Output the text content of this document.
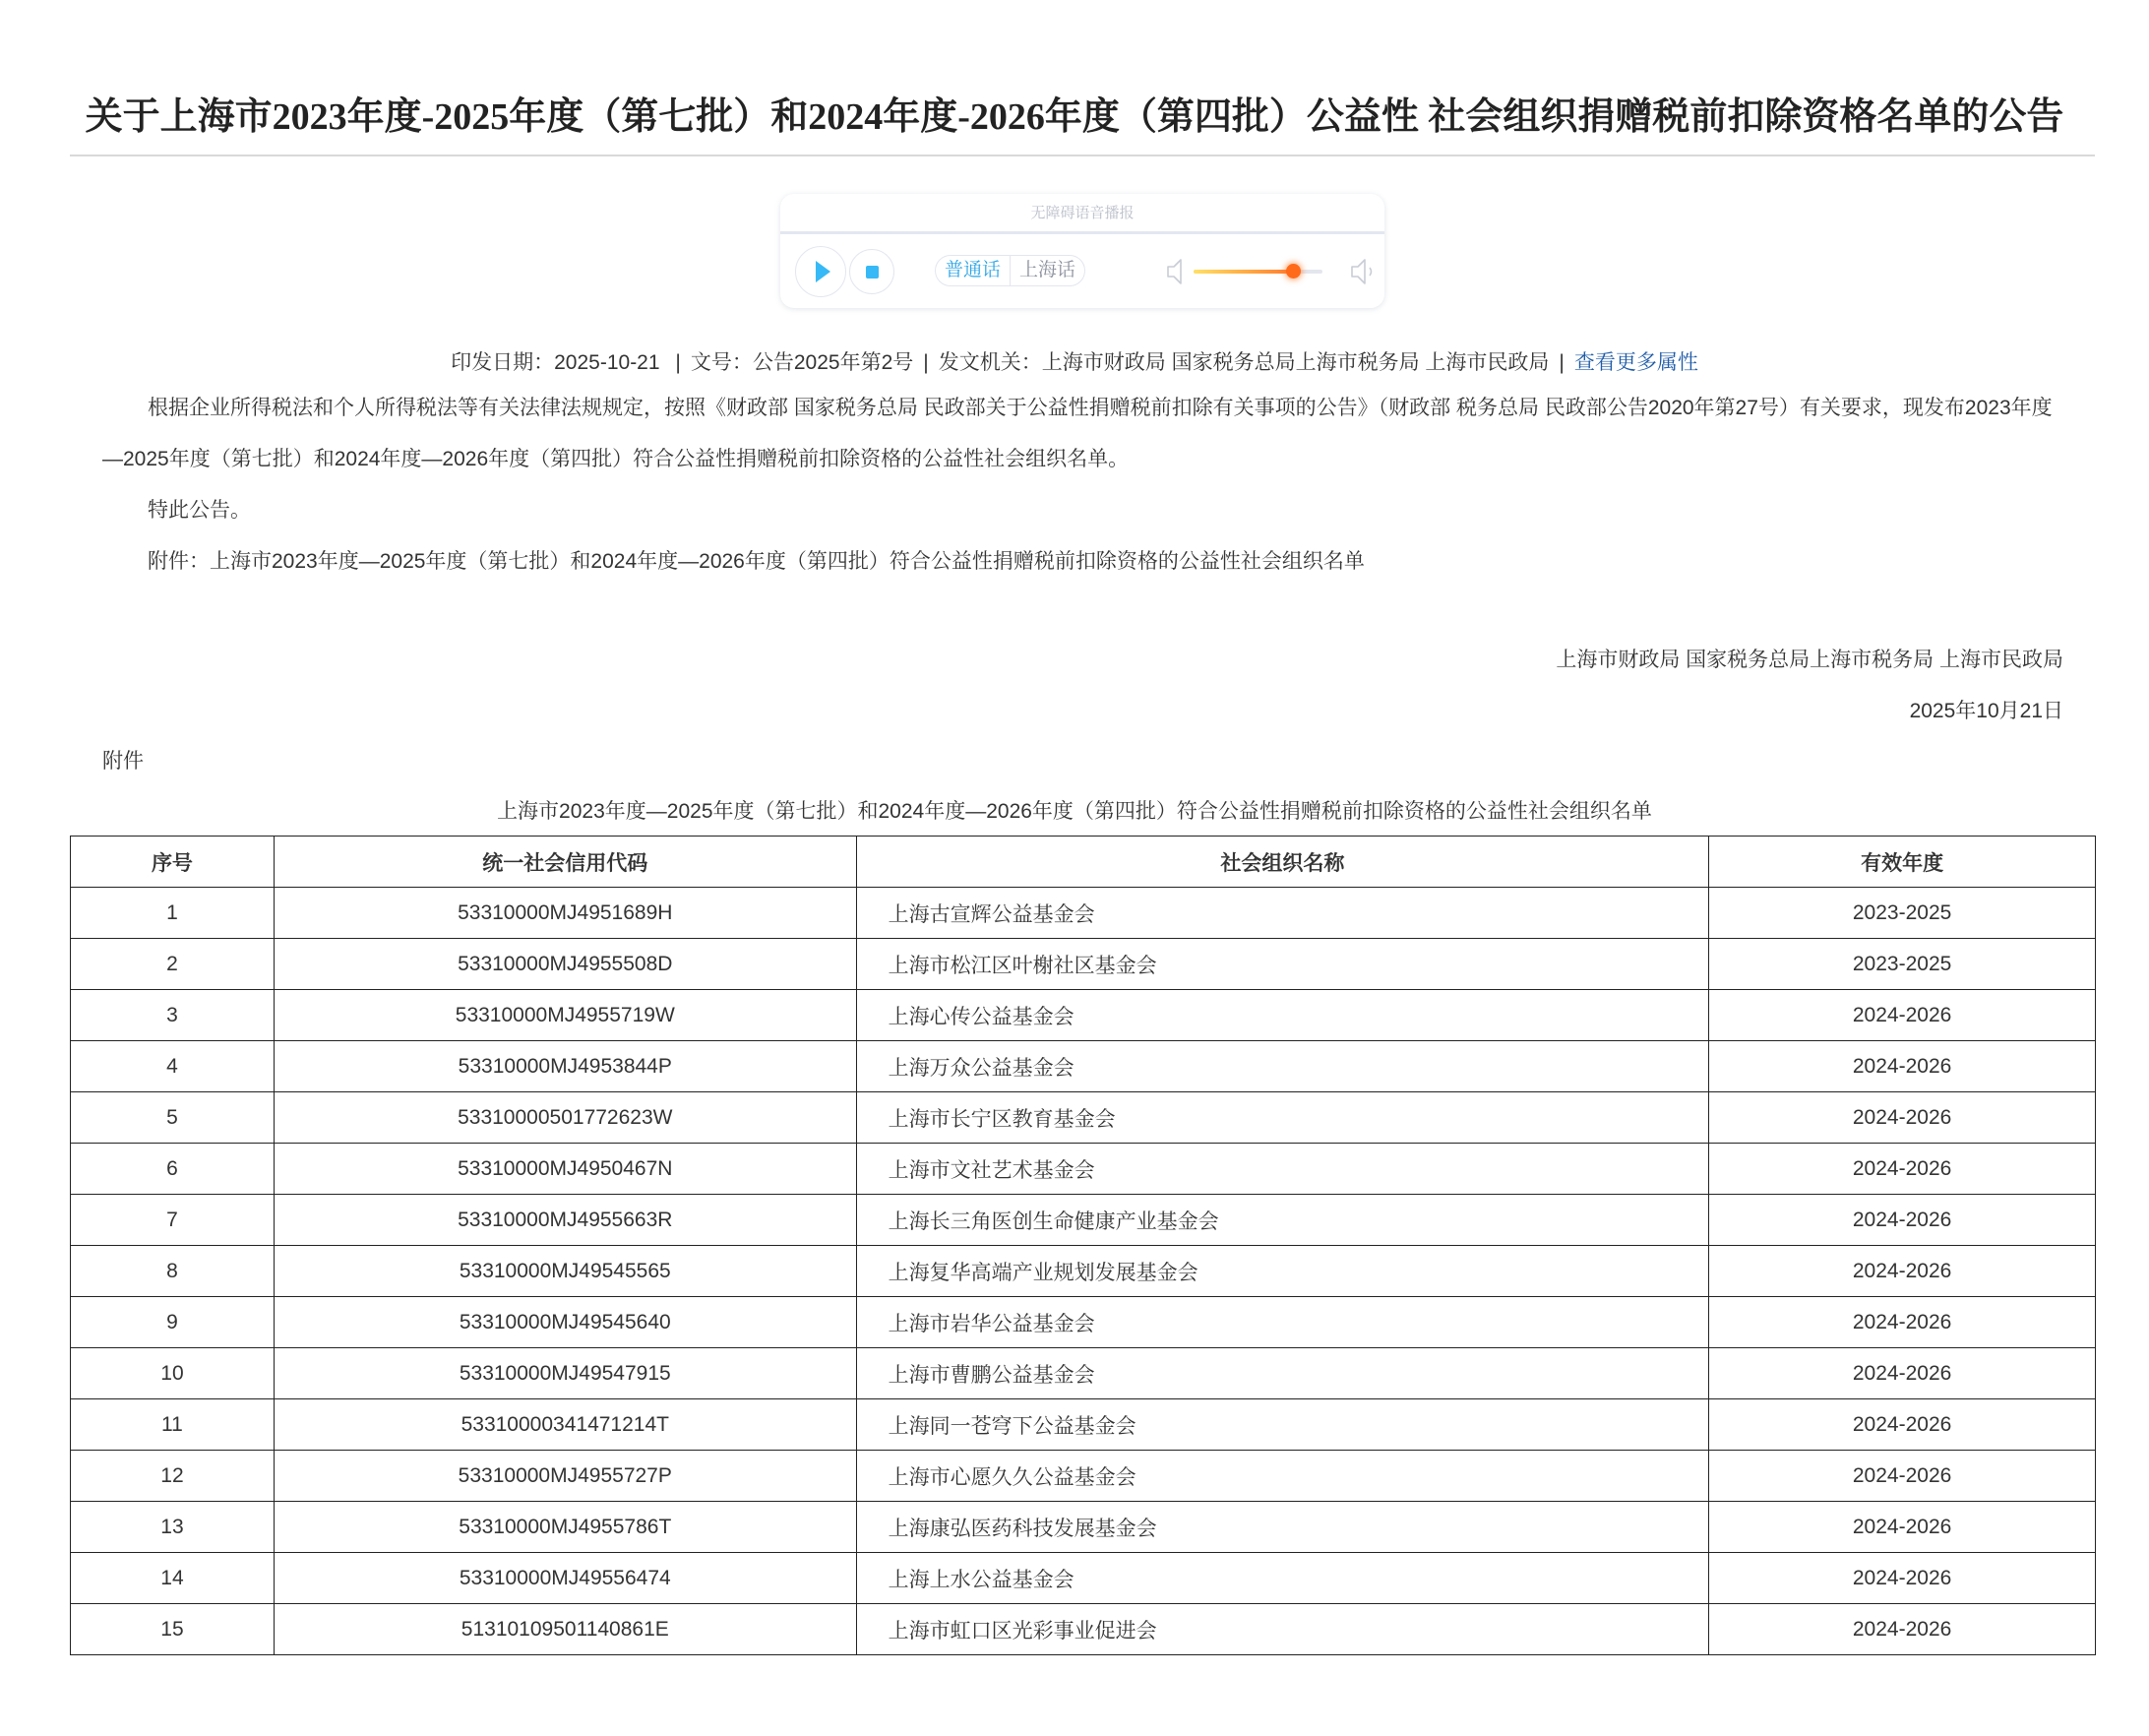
关于上海市2023年度-2025年度（第七批）和2024年度-2026年度（第四批）公益性 社会组织捐赠税前扣除资格名单的公告
无障碍语音播报
普通话	上海话
印发日期：2025-10-21 | 文号：公告2025年第2号 | 发文机关：上海市财政局 国家税务总局上海市税务局 上海市民政局 | 查看更多属性
根据企业所得税法和个人所得税法等有关法律法规规定，按照《财政部 国家税务总局 民政部关于公益性捐赠税前扣除有关事项的公告》（财政部 税务总局 民政部公告2020年第27号）有关要求，现发布2023年度—2025年度（第七批）和2024年度—2026年度（第四批）符合公益性捐赠税前扣除资格的公益性社会组织名单。
特此公告。
附件：上海市2023年度—2025年度（第七批）和2024年度—2026年度（第四批）符合公益性捐赠税前扣除资格的公益性社会组织名单
上海市财政局 国家税务总局上海市税务局 上海市民政局
2025年10月21日
附件
上海市2023年度—2025年度（第七批）和2024年度—2026年度（第四批）符合公益性捐赠税前扣除资格的公益性社会组织名单
序号	统一社会信用代码	社会组织名称	有效年度
1	53310000MJ4951689H	上海古宣辉公益基金会	2023-2025
2	53310000MJ4955508D	上海市松江区叶榭社区基金会	2023-2025
3	53310000MJ4955719W	上海心传公益基金会	2024-2026
4	53310000MJ4953844P	上海万众公益基金会	2024-2026
5	53310000501772623W	上海市长宁区教育基金会	2024-2026
6	53310000MJ4950467N	上海市文社艺术基金会	2024-2026
7	53310000MJ4955663R	上海长三角医创生命健康产业基金会	2024-2026
8	53310000MJ49545565	上海复华高端产业规划发展基金会	2024-2026
9	53310000MJ49545640	上海市岩华公益基金会	2024-2026
10	53310000MJ49547915	上海市曹鹏公益基金会	2024-2026
11	53310000341471214T	上海同一苍穹下公益基金会	2024-2026
12	53310000MJ4955727P	上海市心愿久久公益基金会	2024-2026
13	53310000MJ4955786T	上海康弘医药科技发展基金会	2024-2026
14	53310000MJ49556474	上海上水公益基金会	2024-2026
15	51310109501140861E	上海市虹口区光彩事业促进会	2024-2026
